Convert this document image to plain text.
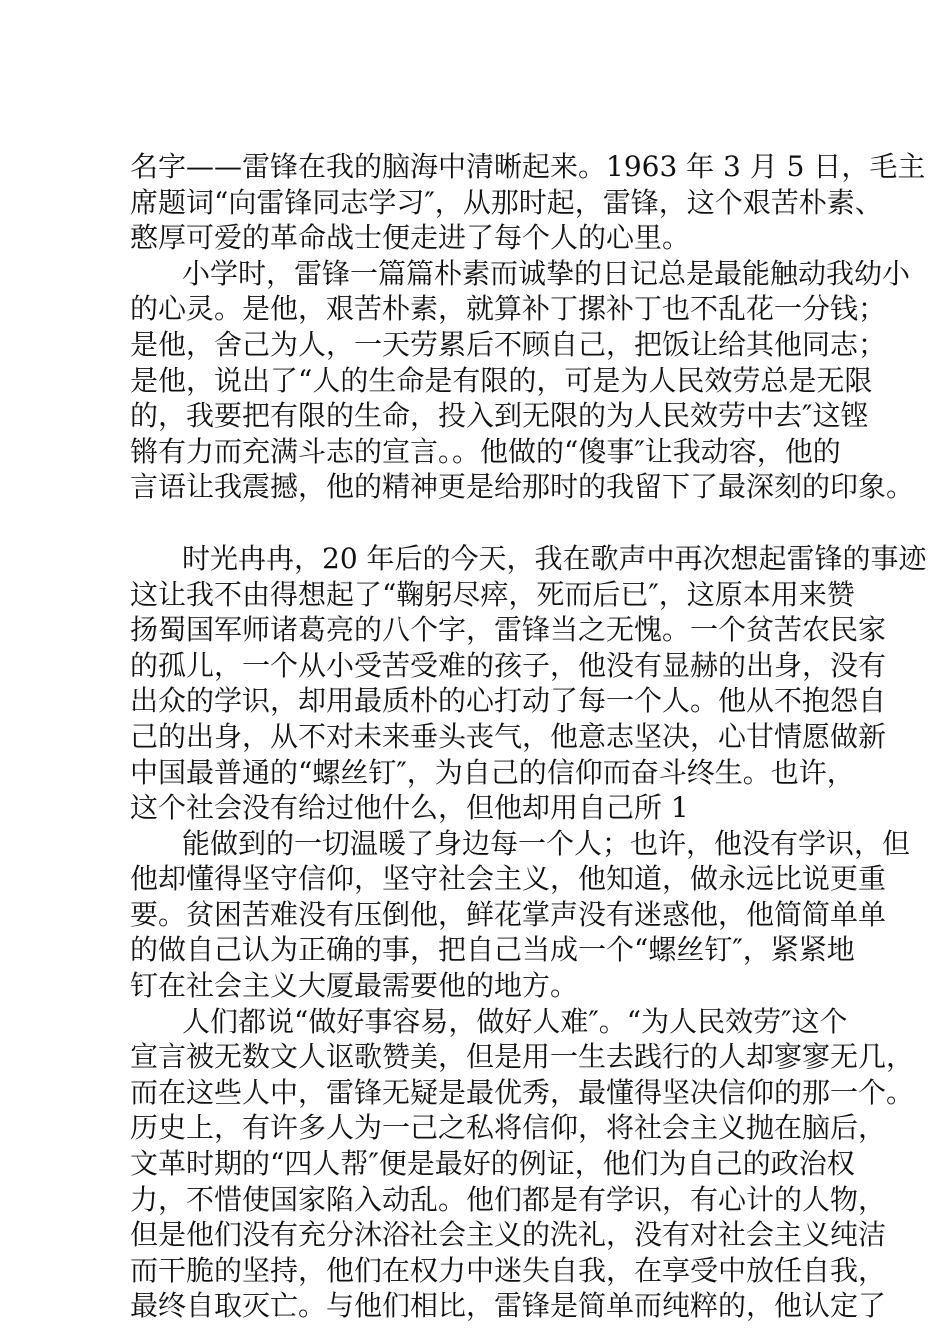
名字——雷锋在我的脑海中清晰起来。1963 年 3 月 5 日，毛主
席题词“向雷锋同志学习″，从那时起，雷锋，这个艰苦朴素、
憨厚可爱的革命战士便走进了每个人的心里。
小学时，雷锋一篇篇朴素而诚挚的日记总是最能触动我幼小
的心灵。是他，艰苦朴素，就算补丁摞补丁也不乱花一分钱；
是他，舍己为人，一天劳累后不顾自己，把饭让给其他同志；
是他，说出了“人的生命是有限的，可是为人民效劳总是无限
的，我要把有限的生命，投入到无限的为人民效劳中去″这铿
锵有力而充满斗志的宣言。。他做的“傻事″让我动容，他的
言语让我震撼，他的精神更是给那时的我留下了最深刻的印象。
时光冉冉，20 年后的今天，我在歌声中再次想起雷锋的事迹
这让我不由得想起了“鞠躬尽瘁，死而后已″，这原本用来赞
扬蜀国军师诸葛亮的八个字，雷锋当之无愧。一个贫苦农民家
的孤儿，一个从小受苦受难的孩子，他没有显赫的出身，没有
出众的学识，却用最质朴的心打动了每一个人。他从不抱怨自
己的出身，从不对未来垂头丧气，他意志坚决，心甘情愿做新
中国最普通的“螺丝钉″，为自己的信仰而奋斗终生。也许，
这个社会没有给过他什么，但他却用自己所 1
能做到的一切温暖了身边每一个人；也许，他没有学识，但
他却懂得坚守信仰，坚守社会主义，他知道，做永远比说更重
要。贫困苦难没有压倒他，鲜花掌声没有迷惑他，他简简单单
的做自己认为正确的事，把自己当成一个“螺丝钉″，紧紧地
钉在社会主义大厦最需要他的地方。
人们都说“做好事容易，做好人难″。“为人民效劳″这个
宣言被无数文人讴歌赞美，但是用一生去践行的人却寥寥无几，
而在这些人中，雷锋无疑是最优秀，最懂得坚决信仰的那一个。
历史上，有许多人为一己之私将信仰，将社会主义抛在脑后，
文革时期的“四人帮″便是最好的例证，他们为自己的政治权
力，不惜使国家陷入动乱。他们都是有学识，有心计的人物，
但是他们没有充分沐浴社会主义的洗礼，没有对社会主义纯洁
而干脆的坚持，他们在权力中迷失自我，在享受中放任自我，
最终自取灭亡。与他们相比，雷锋是简单而纯粹的，他认定了
